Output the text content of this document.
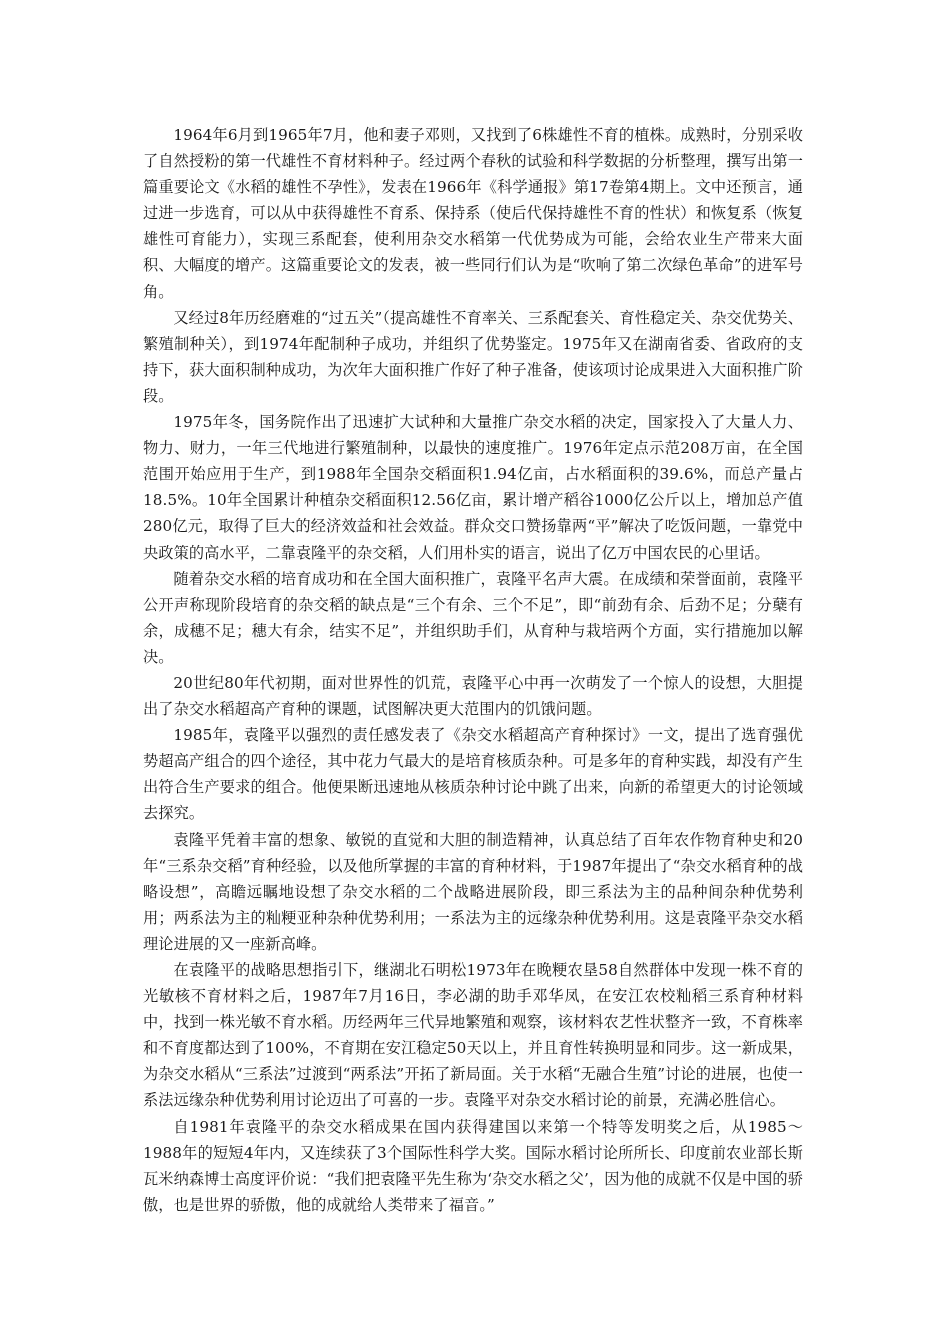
1964年6月到1965年7月，他和妻子邓则，又找到了6株雄性不育的植株。成熟时，分别采收了自然授粉的第一代雄性不育材料种子。经过两个春秋的试验和科学数据的分析整理，撰写出第一篇重要论文《水稻的雄性不孕性》，发表在1966年《科学通报》第17卷第4期上。文中还预言，通过进一步选育，可以从中获得雄性不育系、保持系（使后代保持雄性不育的性状）和恢复系（恢复雄性可育能力），实现三系配套，使利用杂交水稻第一代优势成为可能，会给农业生产带来大面积、大幅度的增产。这篇重要论文的发表，被一些同行们认为是“吹响了第二次绿色革命”的进军号角。

又经过8年历经磨难的“过五关”（提高雄性不育率关、三系配套关、育性稳定关、杂交优势关、繁殖制种关），到1974年配制种子成功，并组织了优势鉴定。1975年又在湖南省委、省政府的支持下，获大面积制种成功，为次年大面积推广作好了种子准备，使该项讨论成果进入大面积推广阶段。

1975年冬，国务院作出了迅速扩大试种和大量推广杂交水稻的决定，国家投入了大量人力、物力、财力，一年三代地进行繁殖制种，以最快的速度推广。1976年定点示范208万亩，在全国范围开始应用于生产，到1988年全国杂交稻面积1.94亿亩，占水稻面积的39.6%，而总产量占18.5%。10年全国累计种植杂交稻面积12.56亿亩，累计增产稻谷1000亿公斤以上，增加总产值280亿元，取得了巨大的经济效益和社会效益。群众交口赞扬靠两“平”解决了吃饭问题，一靠党中央政策的高水平，二靠袁隆平的杂交稻，人们用朴实的语言，说出了亿万中国农民的心里话。

随着杂交水稻的培育成功和在全国大面积推广，袁隆平名声大震。在成绩和荣誉面前，袁隆平公开声称现阶段培育的杂交稻的缺点是“三个有余、三个不足”，即“前劲有余、后劲不足；分蘖有余，成穗不足；穗大有余，结实不足”，并组织助手们，从育种与栽培两个方面，实行措施加以解决。

20世纪80年代初期，面对世界性的饥荒，袁隆平心中再一次萌发了一个惊人的设想，大胆提出了杂交水稻超高产育种的课题，试图解决更大范围内的饥饿问题。

1985年，袁隆平以强烈的责任感发表了《杂交水稻超高产育种探讨》一文，提出了选育强优势超高产组合的四个途径，其中花力气最大的是培育核质杂种。可是多年的育种实践，却没有产生出符合生产要求的组合。他便果断迅速地从核质杂种讨论中跳了出来，向新的希望更大的讨论领域去探究。

袁隆平凭着丰富的想象、敏锐的直觉和大胆的制造精神，认真总结了百年农作物育种史和20年“三系杂交稻”育种经验，以及他所掌握的丰富的育种材料，于1987年提出了“杂交水稻育种的战略设想”，高瞻远瞩地设想了杂交水稻的二个战略进展阶段，即三系法为主的品种间杂种优势利用；两系法为主的籼粳亚种杂种优势利用；一系法为主的远缘杂种优势利用。这是袁隆平杂交水稻理论进展的又一座新高峰。

在袁隆平的战略思想指引下，继湖北石明松1973年在晚粳农垦58自然群体中发现一株不育的光敏核不育材料之后，1987年7月16日，李必湖的助手邓华凤，在安江农校籼稻三系育种材料中，找到一株光敏不育水稻。历经两年三代异地繁殖和观察，该材料农艺性状整齐一致，不育株率和不育度都达到了100%，不育期在安江稳定50天以上，并且育性转换明显和同步。这一新成果，为杂交水稻从“三系法”过渡到“两系法”开拓了新局面。关于水稻“无融合生殖”讨论的进展，也使一系法远缘杂种优势利用讨论迈出了可喜的一步。袁隆平对杂交水稻讨论的前景，充满必胜信心。

自1981年袁隆平的杂交水稻成果在国内获得建国以来第一个特等发明奖之后，从1985～1988年的短短4年内，又连续获了3个国际性科学大奖。国际水稻讨论所所长、印度前农业部长斯瓦米纳森博士高度评价说：“我们把袁隆平先生称为‘杂交水稻之父’，因为他的成就不仅是中国的骄傲，也是世界的骄傲，他的成就给人类带来了福音。”
